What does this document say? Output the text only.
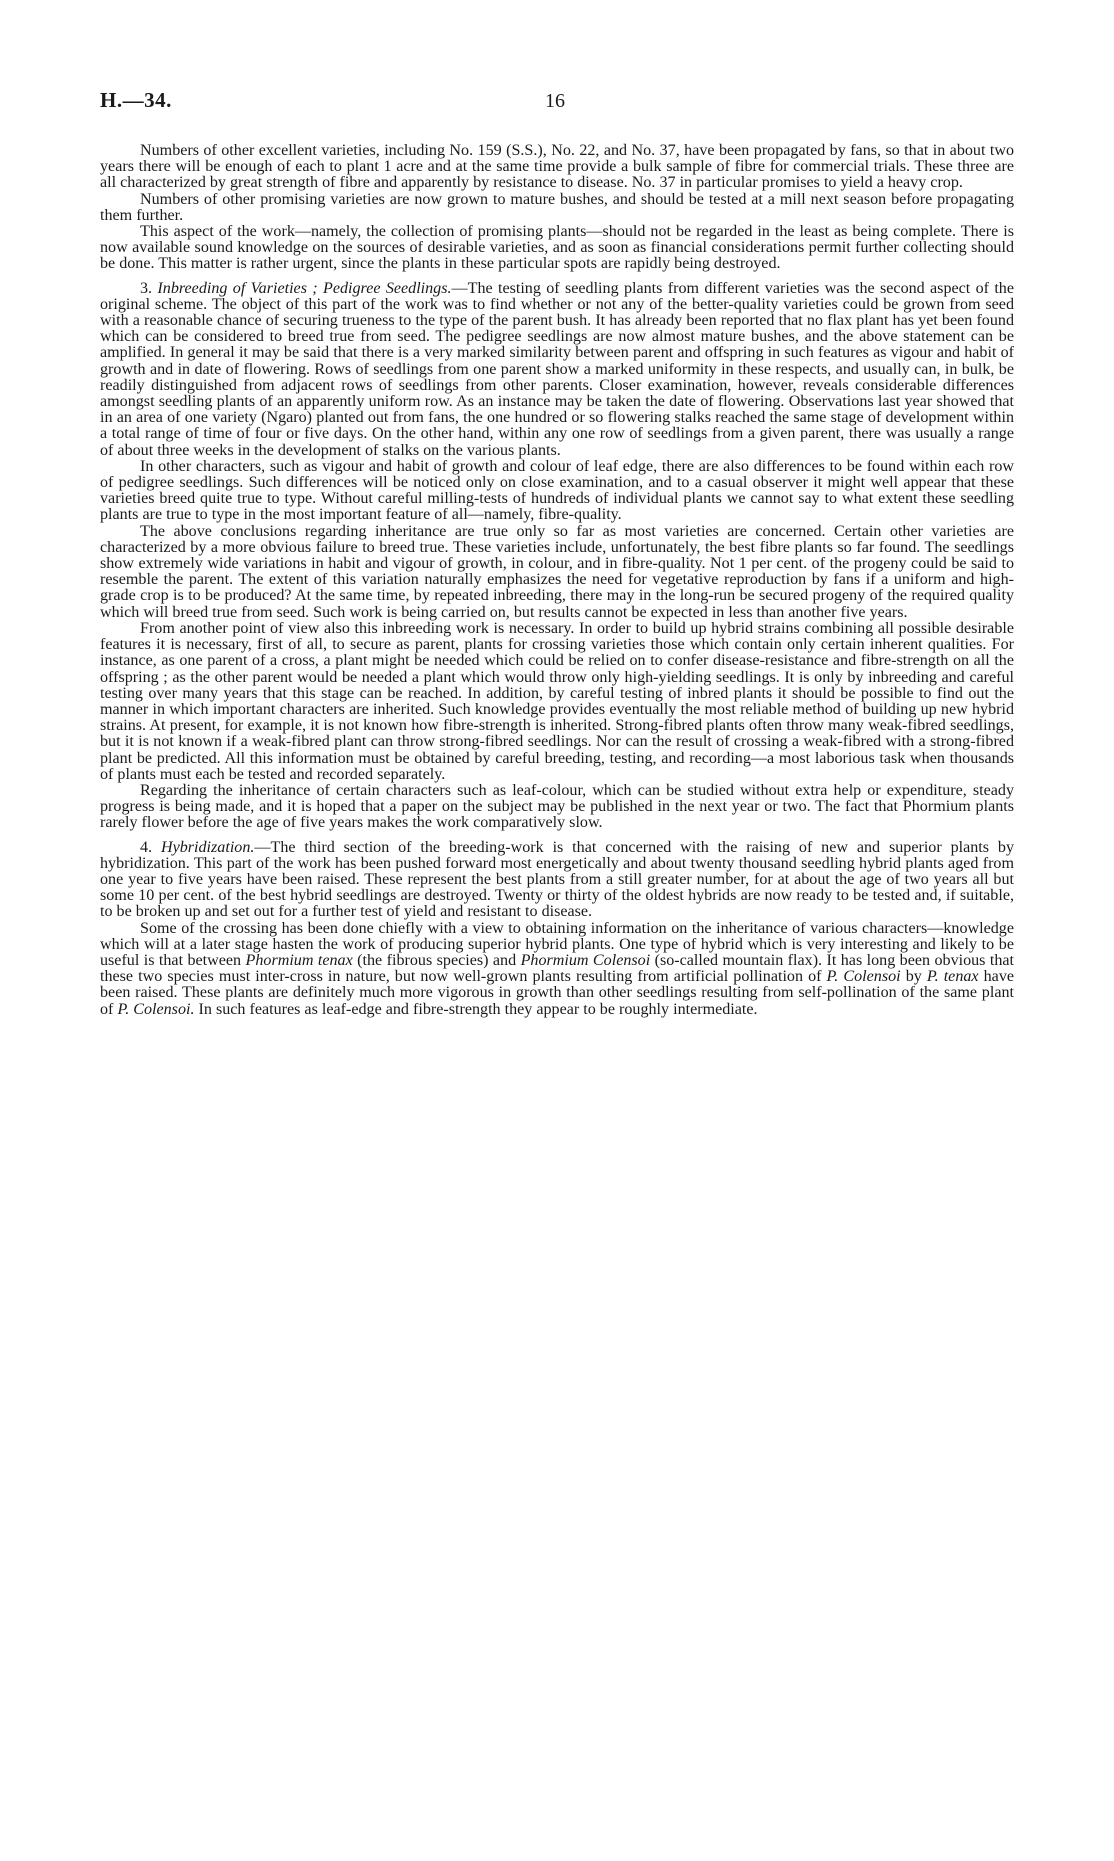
H.—34.	16

Numbers of other excellent varieties, including No. 159 (S.S.), No. 22, and No. 37, have been propagated by fans, so that in about two years there will be enough of each to plant 1 acre and at the same time provide a bulk sample of fibre for commercial trials. These three are all characterized by great strength of fibre and apparently by resistance to disease. No. 37 in particular promises to yield a heavy crop.

Numbers of other promising varieties are now grown to mature bushes, and should be tested at a mill next season before propagating them further.

This aspect of the work—namely, the collection of promising plants—should not be regarded in the least as being complete. There is now available sound knowledge on the sources of desirable varieties, and as soon as financial considerations permit further collecting should be done. This matter is rather urgent, since the plants in these particular spots are rapidly being destroyed.

3. Inbreeding of Varieties ; Pedigree Seedlings.—The testing of seedling plants from different varieties was the second aspect of the original scheme. The object of this part of the work was to find whether or not any of the better-quality varieties could be grown from seed with a reasonable chance of securing trueness to the type of the parent bush. It has already been reported that no flax plant has yet been found which can be considered to breed true from seed. The pedigree seedlings are now almost mature bushes, and the above statement can be amplified. In general it may be said that there is a very marked similarity between parent and offspring in such features as vigour and habit of growth and in date of flowering. Rows of seedlings from one parent show a marked uniformity in these respects, and usually can, in bulk, be readily distinguished from adjacent rows of seedlings from other parents. Closer examination, however, reveals considerable differences amongst seedling plants of an apparently uniform row. As an instance may be taken the date of flowering. Observations last year showed that in an area of one variety (Ngaro) planted out from fans, the one hundred or so flowering stalks reached the same stage of development within a total range of time of four or five days. On the other hand, within any one row of seedlings from a given parent, there was usually a range of about three weeks in the development of stalks on the various plants.

In other characters, such as vigour and habit of growth and colour of leaf edge, there are also differences to be found within each row of pedigree seedlings. Such differences will be noticed only on close examination, and to a casual observer it might well appear that these varieties breed quite true to type. Without careful milling-tests of hundreds of individual plants we cannot say to what extent these seedling plants are true to type in the most important feature of all—namely, fibre-quality.

The above conclusions regarding inheritance are true only so far as most varieties are concerned. Certain other varieties are characterized by a more obvious failure to breed true. These varieties include, unfortunately, the best fibre plants so far found. The seedlings show extremely wide variations in habit and vigour of growth, in colour, and in fibre-quality. Not 1 per cent. of the progeny could be said to resemble the parent. The extent of this variation naturally emphasizes the need for vegetative reproduction by fans if a uniform and high-grade crop is to be produced? At the same time, by repeated inbreeding, there may in the long-run be secured progeny of the required quality which will breed true from seed. Such work is being carried on, but results cannot be expected in less than another five years.

From another point of view also this inbreeding work is necessary. In order to build up hybrid strains combining all possible desirable features it is necessary, first of all, to secure as parent, plants for crossing varieties those which contain only certain inherent qualities. For instance, as one parent of a cross, a plant might be needed which could be relied on to confer disease-resistance and fibre-strength on all the offspring ; as the other parent would be needed a plant which would throw only high-yielding seedlings. It is only by inbreeding and careful testing over many years that this stage can be reached. In addition, by careful testing of inbred plants it should be possible to find out the manner in which important characters are inherited. Such knowledge provides eventually the most reliable method of building up new hybrid strains. At present, for example, it is not known how fibre-strength is inherited. Strong-fibred plants often throw many weak-fibred seedlings, but it is not known if a weak-fibred plant can throw strong-fibred seedlings. Nor can the result of crossing a weak-fibred with a strong-fibred plant be predicted. All this information must be obtained by careful breeding, testing, and recording—a most laborious task when thousands of plants must each be tested and recorded separately.

Regarding the inheritance of certain characters such as leaf-colour, which can be studied without extra help or expenditure, steady progress is being made, and it is hoped that a paper on the subject may be published in the next year or two. The fact that Phormium plants rarely flower before the age of five years makes the work comparatively slow.

4. Hybridization.—The third section of the breeding-work is that concerned with the raising of new and superior plants by hybridization. This part of the work has been pushed forward most energetically and about twenty thousand seedling hybrid plants aged from one year to five years have been raised. These represent the best plants from a still greater number, for at about the age of two years all but some 10 per cent. of the best hybrid seedlings are destroyed. Twenty or thirty of the oldest hybrids are now ready to be tested and, if suitable, to be broken up and set out for a further test of yield and resistant to disease.

Some of the crossing has been done chiefly with a view to obtaining information on the inheritance of various characters—knowledge which will at a later stage hasten the work of producing superior hybrid plants. One type of hybrid which is very interesting and likely to be useful is that between Phormium tenax (the fibrous species) and Phormium Colensoi (so-called mountain flax). It has long been obvious that these two species must inter-cross in nature, but now well-grown plants resulting from artificial pollination of P. Colensoi by P. tenax have been raised. These plants are definitely much more vigorous in growth than other seedlings resulting from self-pollination of the same plant of P. Colensoi. In such features as leaf-edge and fibre-strength they appear to be roughly intermediate.
